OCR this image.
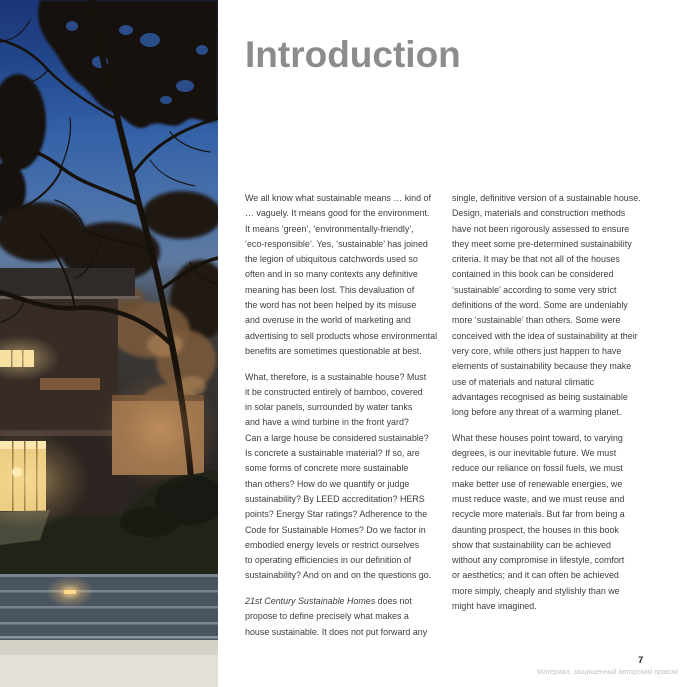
Introduction
We all know what sustainable means … kind of
… vaguely. It means good for the environment.
It means ‘green’, ‘environmentally-friendly’,
‘eco-responsible’. Yes, ‘sustainable’ has joined
the legion of ubiquitous catchwords used so
often and in so many contexts any definitive
meaning has been lost. This devaluation of
the word has not been helped by its misuse
and overuse in the world of marketing and
advertising to sell products whose environmental
benefits are sometimes questionable at best.
What, therefore, is a sustainable house? Must
it be constructed entirely of bamboo, covered
in solar panels, surrounded by water tanks
and have a wind turbine in the front yard?
Can a large house be considered sustainable?
Is concrete a sustainable material? If so, are
some forms of concrete more sustainable
than others? How do we quantify or judge
sustainability? By LEED accreditation? HERS
points? Energy Star ratings? Adherence to the
Code for Sustainable Homes? Do we factor in
embodied energy levels or restrict ourselves
to operating efficiencies in our definition of
sustainability? And on and on the questions go.
21st Century Sustainable Homes does not
propose to define precisely what makes a
house sustainable. It does not put forward any
single, definitive version of a sustainable house.
Design, materials and construction methods
have not been rigorously assessed to ensure
they meet some pre-determined sustainability
criteria. It may be that not all of the houses
contained in this book can be considered
‘sustainable’ according to some very strict
definitions of the word. Some are undeniably
more ‘sustainable’ than others. Some were
conceived with the idea of sustainability at their
very core, while others just happen to have
elements of sustainability because they make
use of materials and natural climatic
advantages recognised as being sustainable
long before any threat of a warming planet.
What these houses point toward, to varying
degrees, is our inevitable future. We must
reduce our reliance on fossil fuels, we must
make better use of renewable energies, we
must reduce waste, and we must reuse and
recycle more materials. But far from being a
daunting prospect, the houses in this book
show that sustainability can be achieved
without any compromise in lifestyle, comfort
or aesthetics; and it can often be achieved
more simply, cheaply and stylishly than we
might have imagined.
7
Материал, защищенный авторским правом
